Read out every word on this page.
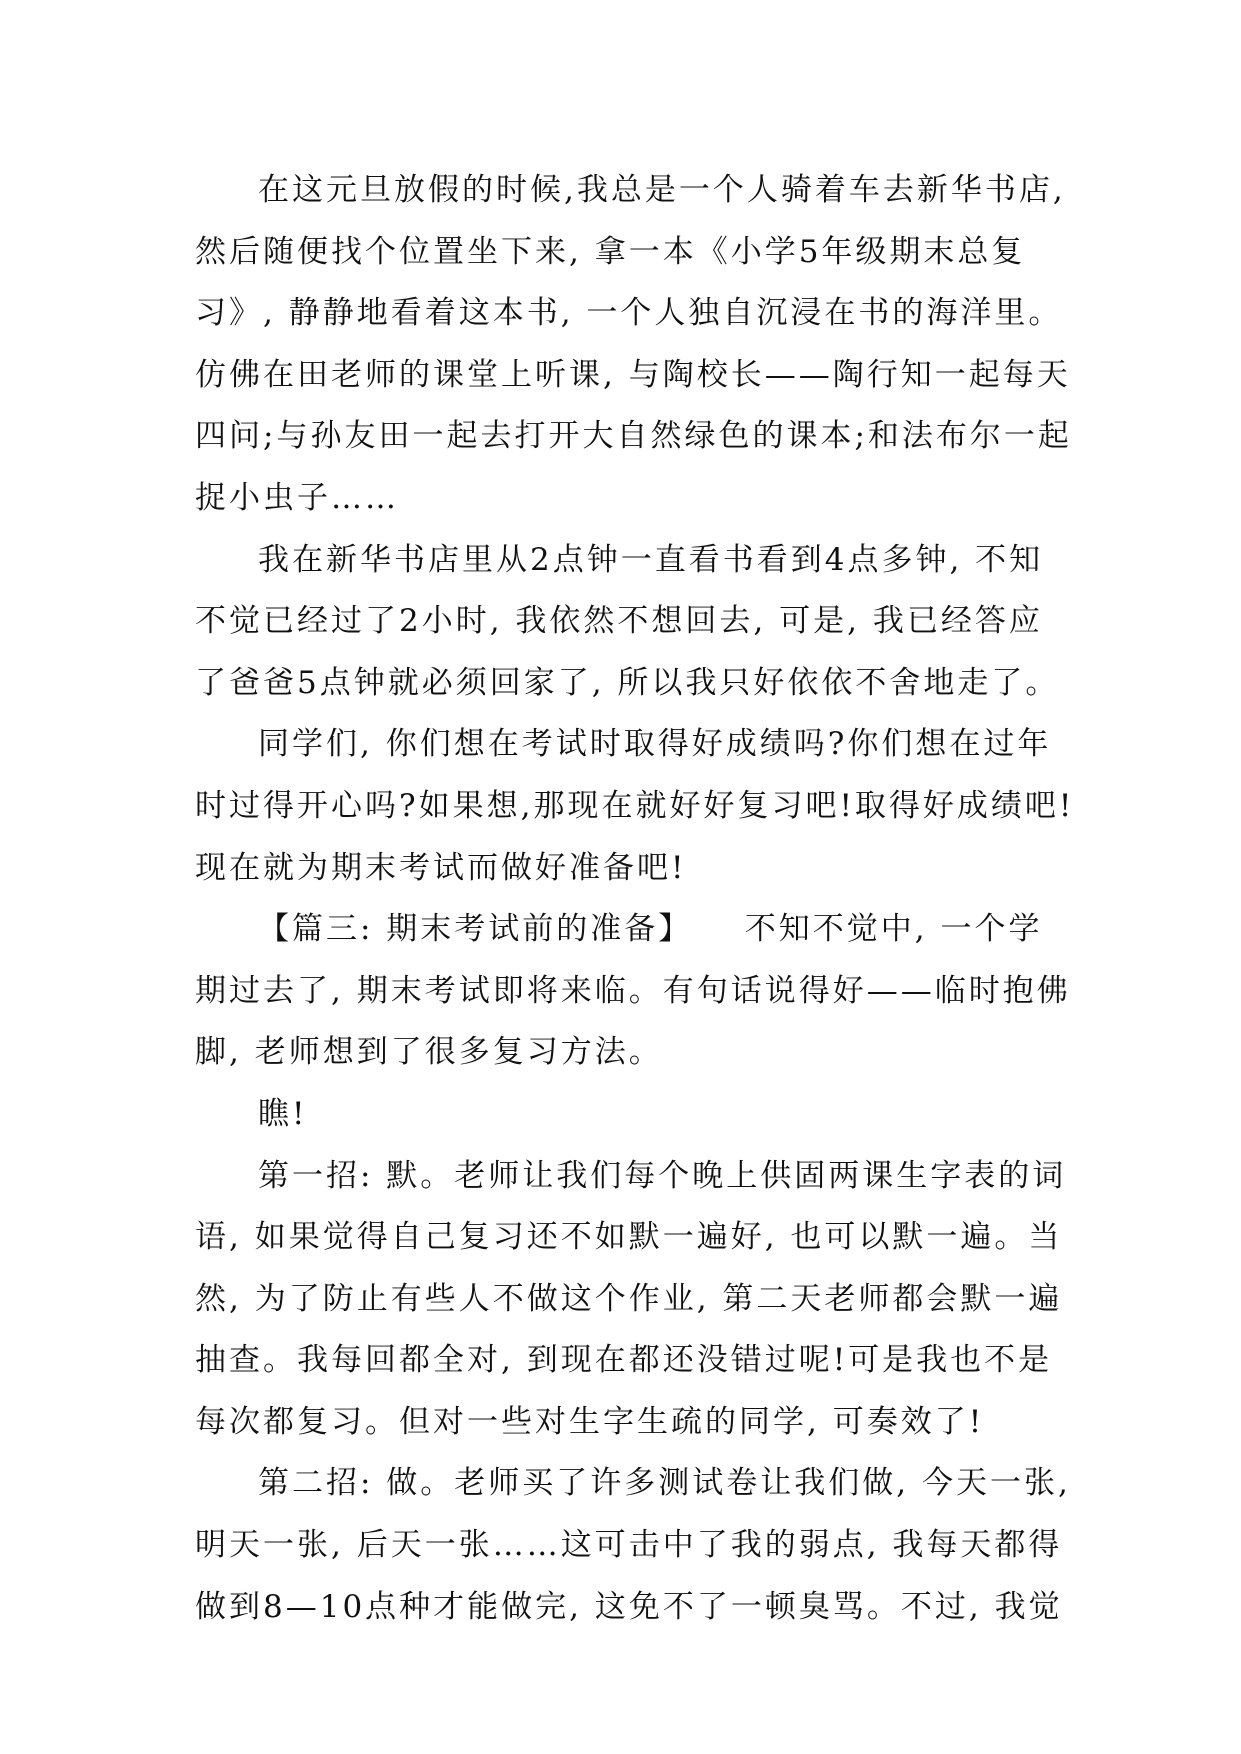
在这元旦放假的时候,我总是一个人骑着车去新华书店,
然后随便找个位置坐下来, 拿一本《小学5年级期末总复
习》, 静静地看着这本书, 一个人独自沉浸在书的海洋里。
仿佛在田老师的课堂上听课, 与陶校长——陶行知一起每天
四问;与孙友田一起去打开大自然绿色的课本;和法布尔一起
捉小虫子……
我在新华书店里从2点钟一直看书看到4点多钟, 不知
不觉已经过了2小时, 我依然不想回去, 可是, 我已经答应
了爸爸5点钟就必须回家了, 所以我只好依依不舍地走了。
同学们, 你们想在考试时取得好成绩吗?你们想在过年
时过得开心吗?如果想,那现在就好好复习吧!取得好成绩吧!
现在就为期末考试而做好准备吧!
【篇三: 期末考试前的准备】　　不知不觉中, 一个学
期过去了, 期末考试即将来临。有句话说得好——临时抱佛
脚, 老师想到了很多复习方法。
瞧!
第一招: 默。老师让我们每个晚上供固两课生字表的词
语, 如果觉得自己复习还不如默一遍好, 也可以默一遍。当
然, 为了防止有些人不做这个作业, 第二天老师都会默一遍
抽查。我每回都全对, 到现在都还没错过呢!可是我也不是
每次都复习。但对一些对生字生疏的同学, 可奏效了!
第二招: 做。老师买了许多测试卷让我们做, 今天一张,
明天一张, 后天一张……这可击中了我的弱点, 我每天都得
做到8—10点种才能做完, 这免不了一顿臭骂。不过, 我觉
